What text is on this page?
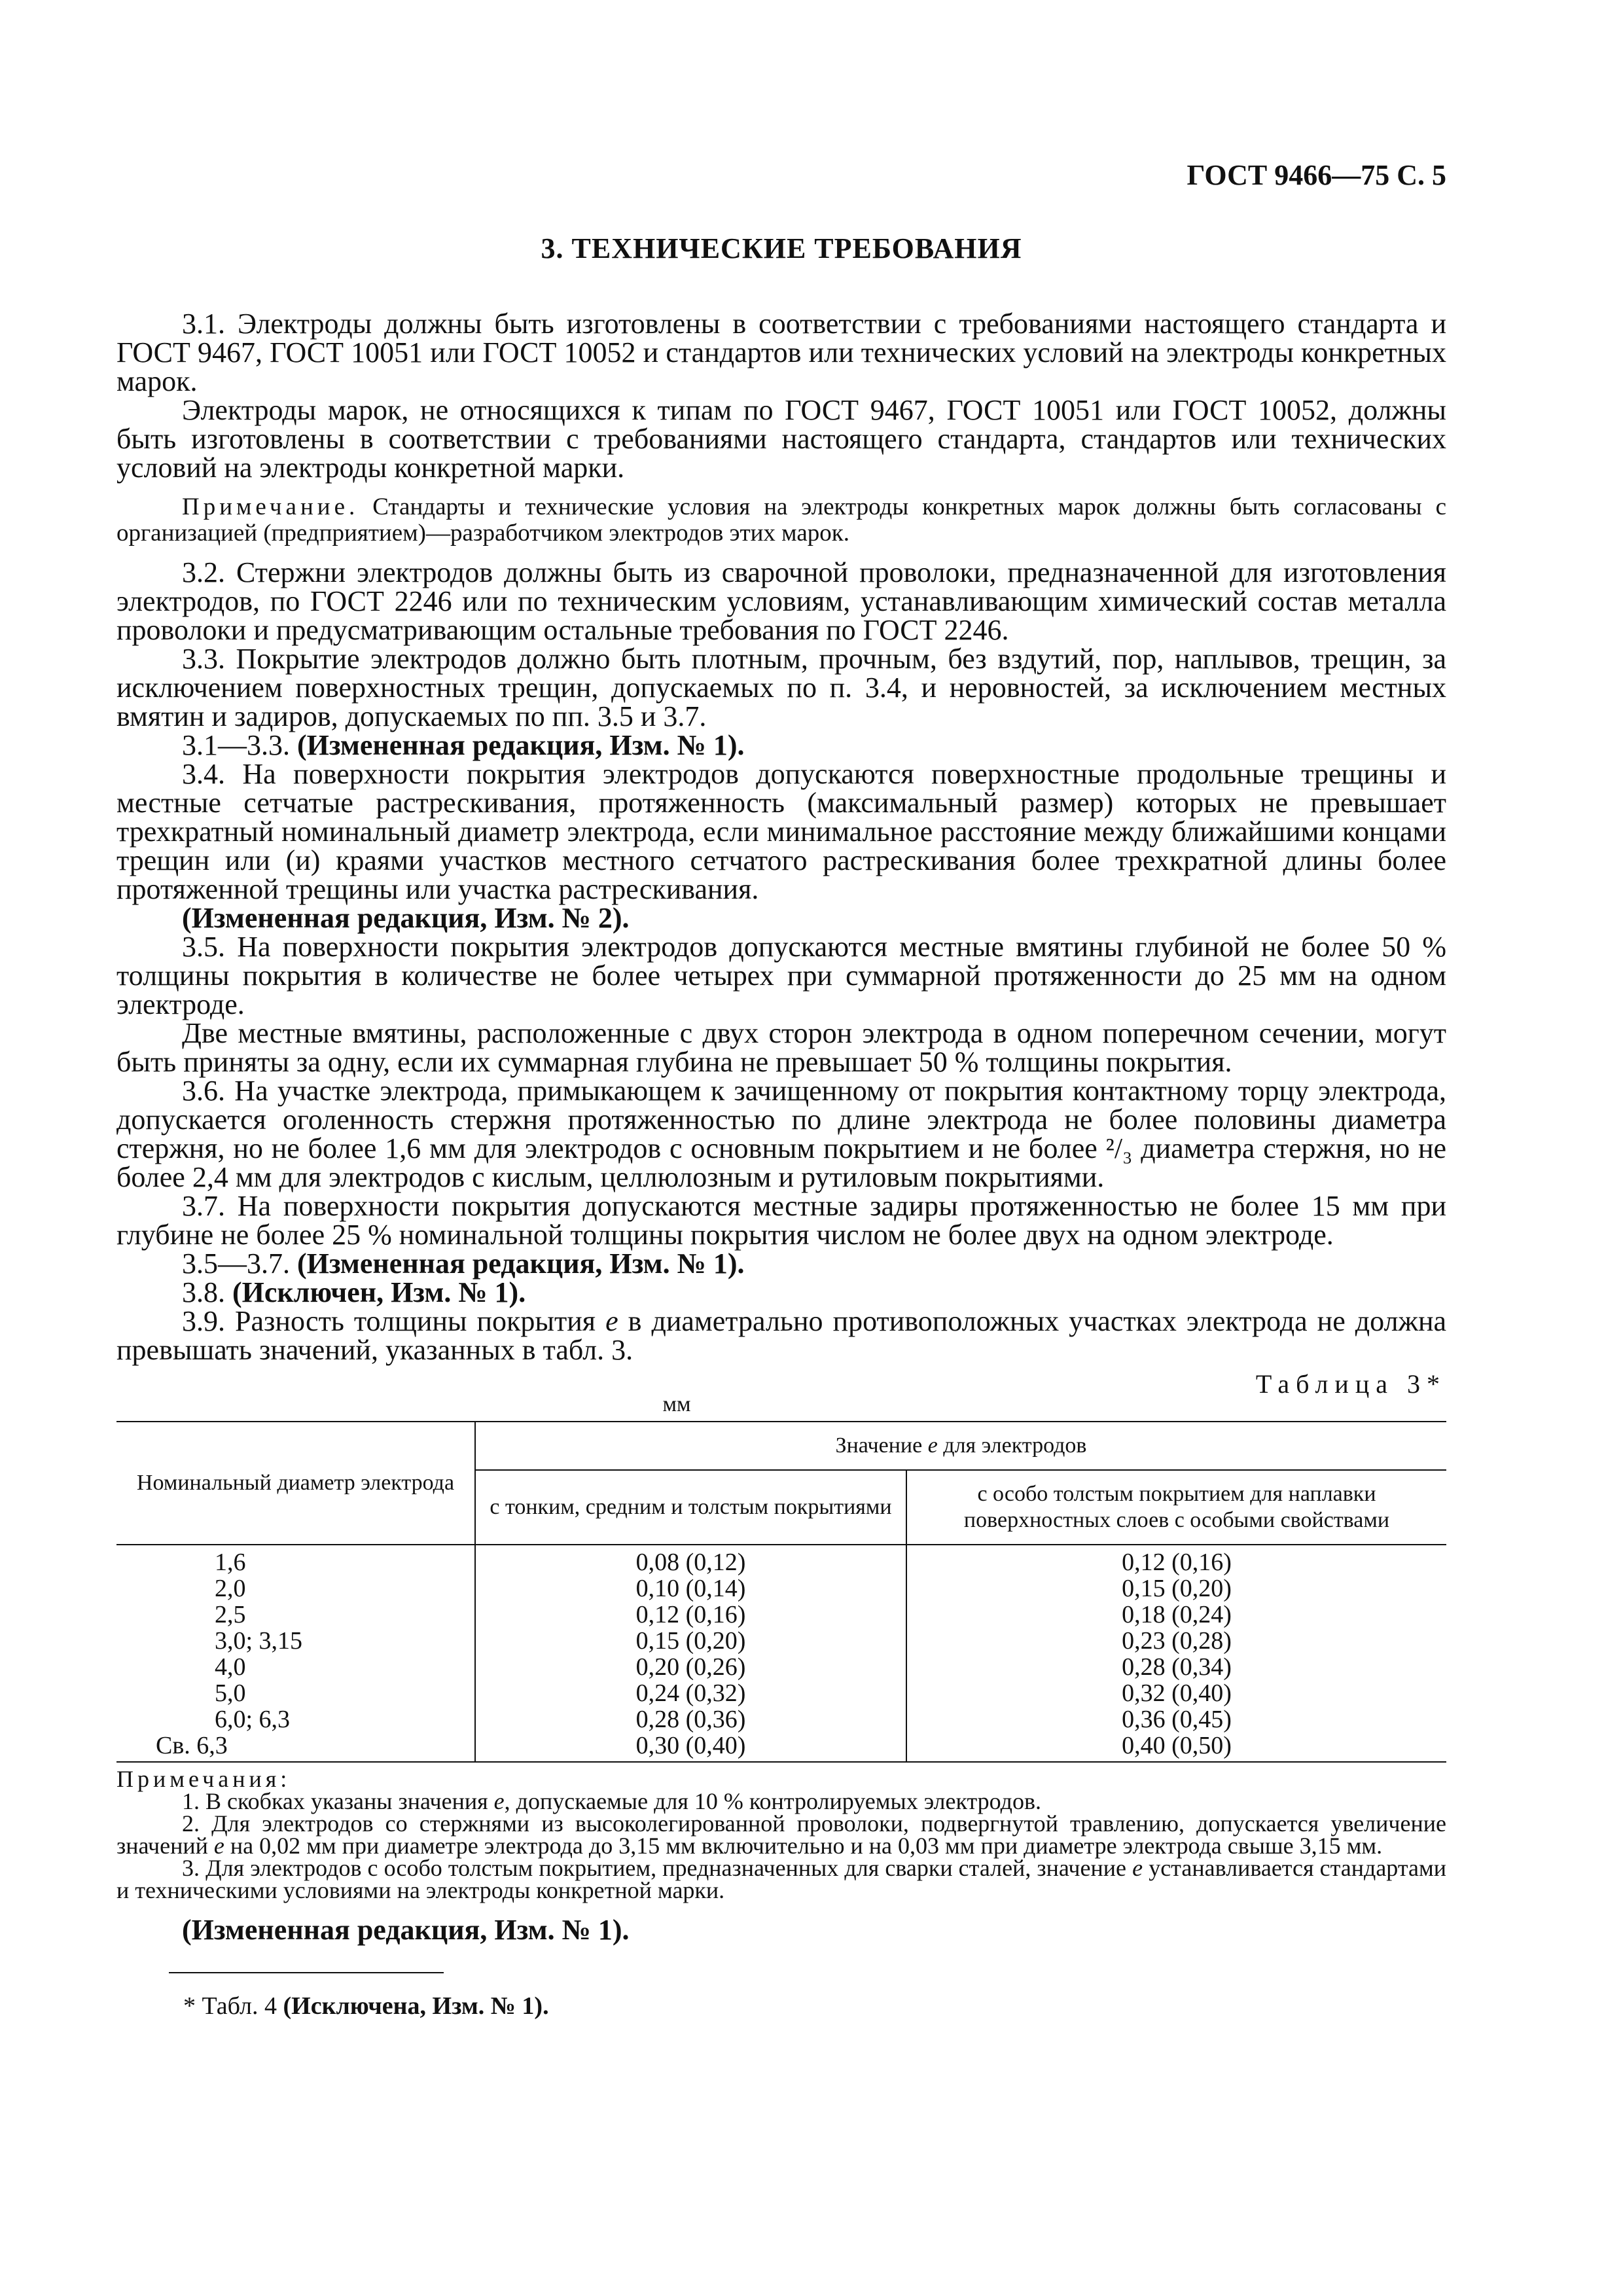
ГОСТ 9466—75 С. 5
3. ТЕХНИЧЕСКИЕ ТРЕБОВАНИЯ

3.1. Электроды должны быть изготовлены в соответствии с требованиями настоящего стандарта и ГОСТ 9467, ГОСТ 10051 или ГОСТ 10052 и стандартов или технических условий на электроды конкретных марок.

Электроды марок, не относящихся к типам по ГОСТ 9467, ГОСТ 10051 или ГОСТ 10052, должны быть изготовлены в соответствии с требованиями настоящего стандарта, стандартов или технических условий на электроды конкретной марки.

Примечание. Стандарты и технические условия на электроды конкретных марок должны быть согласованы с организацией (предприятием)—разработчиком электродов этих марок.

3.2. Стержни электродов должны быть из сварочной проволоки, предназначенной для изготовления электродов, по ГОСТ 2246 или по техническим условиям, устанавливающим химический состав металла проволоки и предусматривающим остальные требования по ГОСТ 2246.

3.3. Покрытие электродов должно быть плотным, прочным, без вздутий, пор, наплывов, трещин, за исключением поверхностных трещин, допускаемых по п. 3.4, и неровностей, за исключением местных вмятин и задиров, допускаемых по пп. 3.5 и 3.7.

3.1—3.3. (Измененная редакция, Изм. № 1).

3.4. На поверхности покрытия электродов допускаются поверхностные продольные трещины и местные сетчатые растрескивания, протяженность (максимальный размер) которых не превышает трехкратный номинальный диаметр электрода, если минимальное расстояние между ближайшими концами трещин или (и) краями участков местного сетчатого растрескивания более трехкратной длины более протяженной трещины или участка растрескивания.

(Измененная редакция, Изм. № 2).

3.5. На поверхности покрытия электродов допускаются местные вмятины глубиной не более 50 % толщины покрытия в количестве не более четырех при суммарной протяженности до 25 мм на одном электроде.

Две местные вмятины, расположенные с двух сторон электрода в одном поперечном сечении, могут быть приняты за одну, если их суммарная глубина не превышает 50 % толщины покрытия.

3.6. На участке электрода, примыкающем к зачищенному от покрытия контактному торцу электрода, допускается оголенность стержня протяженностью по длине электрода не более половины диаметра стержня, но не более 1,6 мм для электродов с основным покрытием и не более ²/₃ диаметра стержня, но не более 2,4 мм для электродов с кислым, целлюлозным и рутиловым покрытиями.

3.7. На поверхности покрытия допускаются местные задиры протяженностью не более 15 мм при глубине не более 25 % номинальной толщины покрытия числом не более двух на одном электроде.

3.5—3.7. (Измененная редакция, Изм. № 1).

3.8. (Исключен, Изм. № 1).

3.9. Разность толщины покрытия e в диаметрально противоположных участках электрода не должна превышать значений, указанных в табл. 3.

Таблица 3*
мм
Номинальный диаметр электрода	Значение e для электродов	
	с тонким, средним и толстым покрытиями	с особо толстым покрытием для наплавки поверхностных слоев с особыми свойствами
1,6	0,08 (0,12)	0,12 (0,16)
2,0	0,10 (0,14)	0,15 (0,20)
2,5	0,12 (0,16)	0,18 (0,24)
3,0; 3,15	0,15 (0,20)	0,23 (0,28)
4,0	0,20 (0,26)	0,28 (0,34)
5,0	0,24 (0,32)	0,32 (0,40)
6,0; 6,3	0,28 (0,36)	0,36 (0,45)
Св. 6,3	0,30 (0,40)	0,40 (0,50)
Примечания:

1. В скобках указаны значения e, допускаемые для 10 % контролируемых электродов.

2. Для электродов со стержнями из высоколегированной проволоки, подвергнутой травлению, допускается увеличение значений e на 0,02 мм при диаметре электрода до 3,15 мм включительно и на 0,03 мм при диаметре электрода свыше 3,15 мм.

3. Для электродов с особо толстым покрытием, предназначенных для сварки сталей, значение e устанавливается стандартами и техническими условиями на электроды конкретной марки.

(Измененная редакция, Изм. № 1).

* Табл. 4 (Исключена, Изм. № 1).
